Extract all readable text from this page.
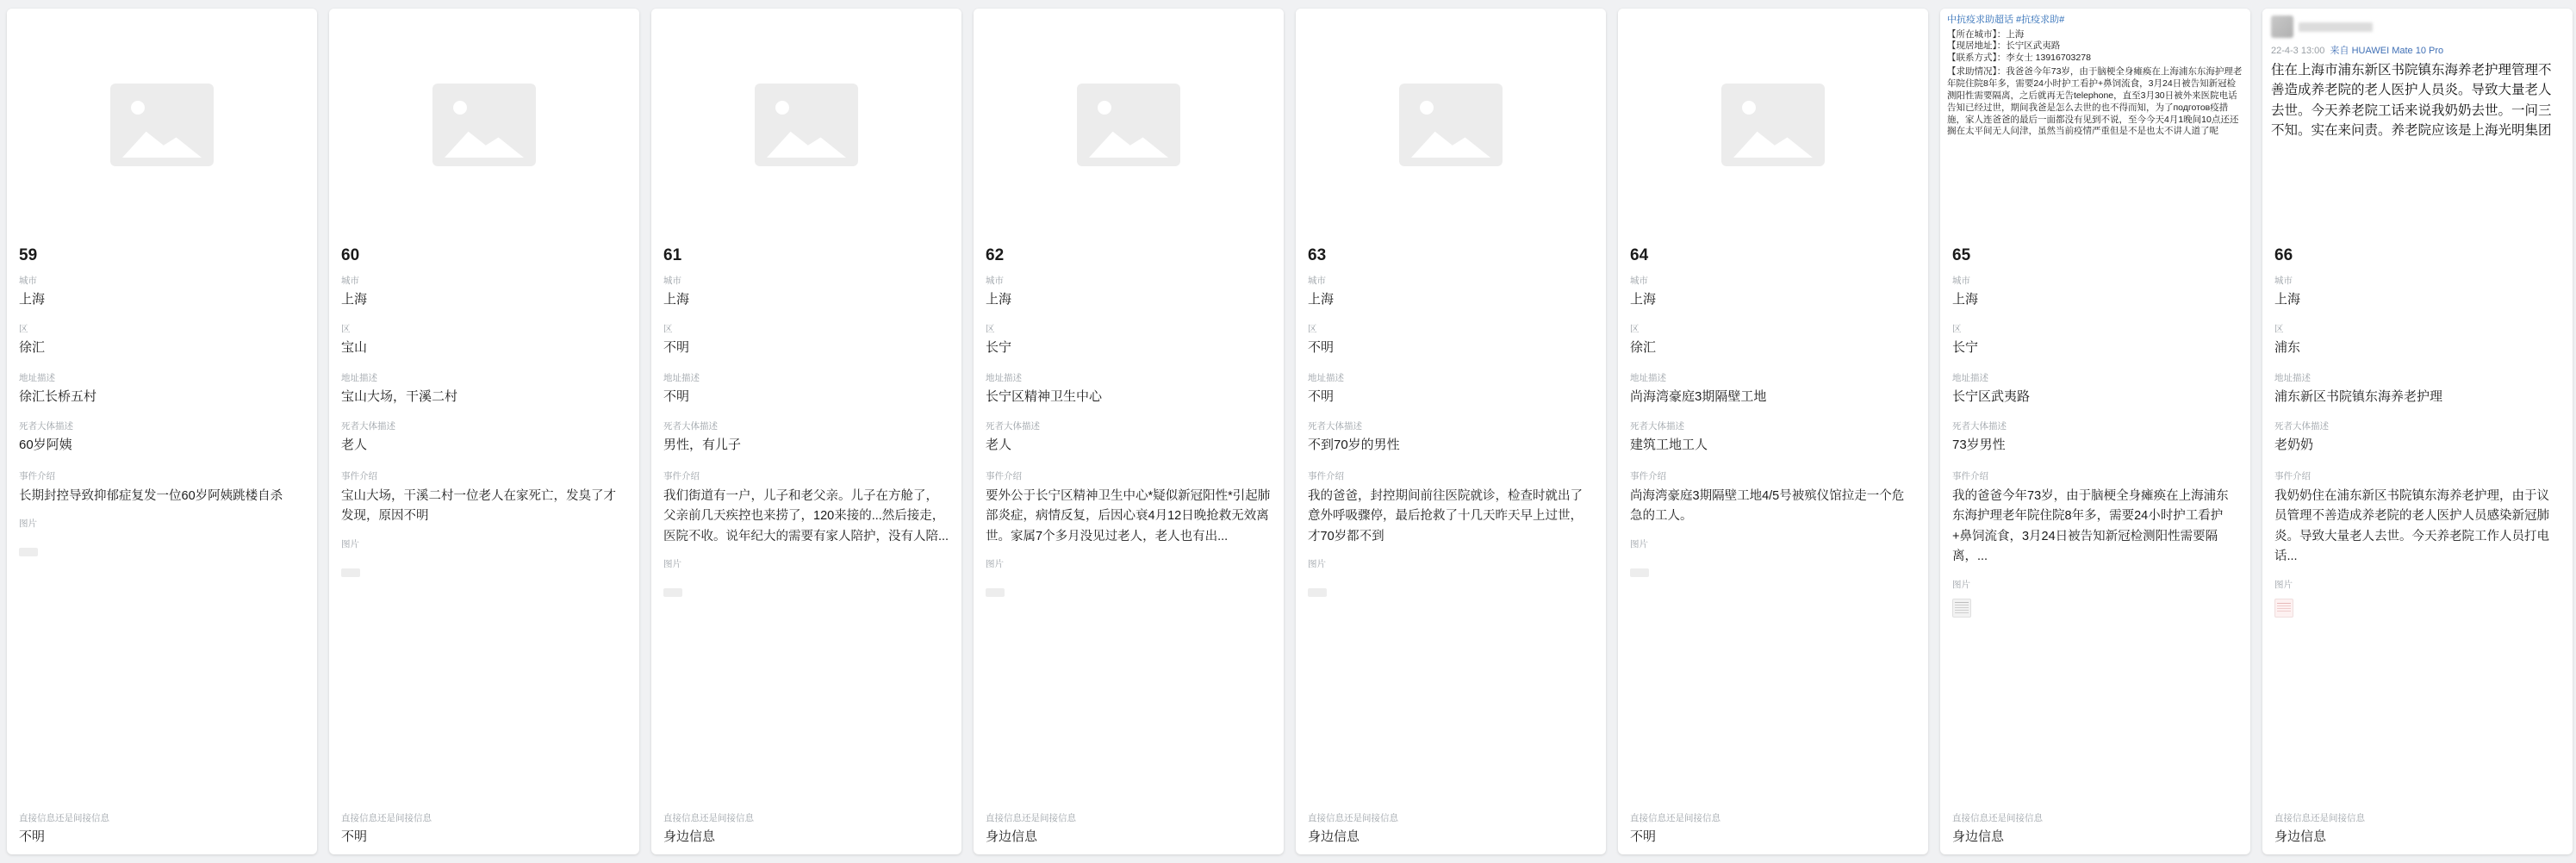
59
城市
上海
区
徐汇
地址描述
徐汇长桥五村
死者大体描述
60岁阿姨
事件介绍
长期封控导致抑郁症复发一位60岁阿姨跳楼自杀
图片
直接信息还是间接信息
不明
60
城市
上海
区
宝山
地址描述
宝山大场，干溪二村
死者大体描述
老人
事件介绍
宝山大场，干溪二村一位老人在家死亡，发臭了才发现，原因不明
图片
直接信息还是间接信息
不明
61
城市
上海
区
不明
地址描述
不明
死者大体描述
男性，有儿子
事件介绍
我们街道有一户，儿子和老父亲。儿子在方舱了，父亲前几天疾控也来捞了，120来接的...然后接走，医院不收。说年纪大的需要有家人陪护，没有人陪...
图片
直接信息还是间接信息
身边信息
62
城市
上海
区
长宁
地址描述
长宁区精神卫生中心
死者大体描述
老人
事件介绍
要外公于长宁区精神卫生中心*疑似新冠阳性*引起肺部炎症，病情反复，后因心衰4月12日晚抢救无效离世。家属7个多月没见过老人，老人也有出...
图片
直接信息还是间接信息
身边信息
63
城市
上海
区
不明
地址描述
不明
死者大体描述
不到70岁的男性
事件介绍
我的爸爸，封控期间前往医院就诊，检查时就出了意外呼吸骤停，最后抢救了十几天昨天早上过世，才70岁都不到
图片
直接信息还是间接信息
身边信息
64
城市
上海
区
徐汇
地址描述
尚海湾豪庭3期隔壁工地
死者大体描述
建筑工地工人
事件介绍
尚海湾豪庭3期隔壁工地4/5号被殡仪馆拉走一个危急的工人。
图片
直接信息还是间接信息
不明
中抗疫求助超话 #抗疫求助#
【所在城市】：上海
【现居地址】：长宁区武夷路
【联系方式】：李女士 13916703278
【求助情况】：我爸爸今年73岁，由于脑梗全身瘫痪在上海浦东东海护理老年院住院8年多，需要24小时护工看护+鼻饲流食，3月24日被告知新冠检测阳性需要隔离，之后就再无告telephone，直至3月30日被外来医院电话告知已经过世，期间我爸是怎么去世的也不得而知，为了подготов疫措施，家人连爸爸的最后一面都没有见到不说，至今今天4月1晚间10点还还搁在太平间无人问津，虽然当前疫情严重但是不是也太不讲人道了呢
65
城市
上海
区
长宁
地址描述
长宁区武夷路
死者大体描述
73岁男性
事件介绍
我的爸爸今年73岁，由于脑梗全身瘫痪在上海浦东东海护理老年院住院8年多，需要24小时护工看护+鼻饲流食，3月24日被告知新冠检测阳性需要隔离，...
图片
直接信息还是间接信息
身边信息
22-4-3 13:00 来自 HUAWEI Mate 10 Pro
住在上海市浦东新区书院镇东海养老护理管理不善造成养老院的老人医护人员炎。导致大量老人去世。今天养老院工话来说我奶奶去世。一问三不知。实在来问责。养老院应该是上海光明集团
66
城市
上海
区
浦东
地址描述
浦东新区书院镇东海养老护理
死者大体描述
老奶奶
事件介绍
我奶奶住在浦东新区书院镇东海养老护理，由于议员管理不善造成养老院的老人医护人员感染新冠肺炎。导致大量老人去世。今天养老院工作人员打电话...
图片
直接信息还是间接信息
身边信息
